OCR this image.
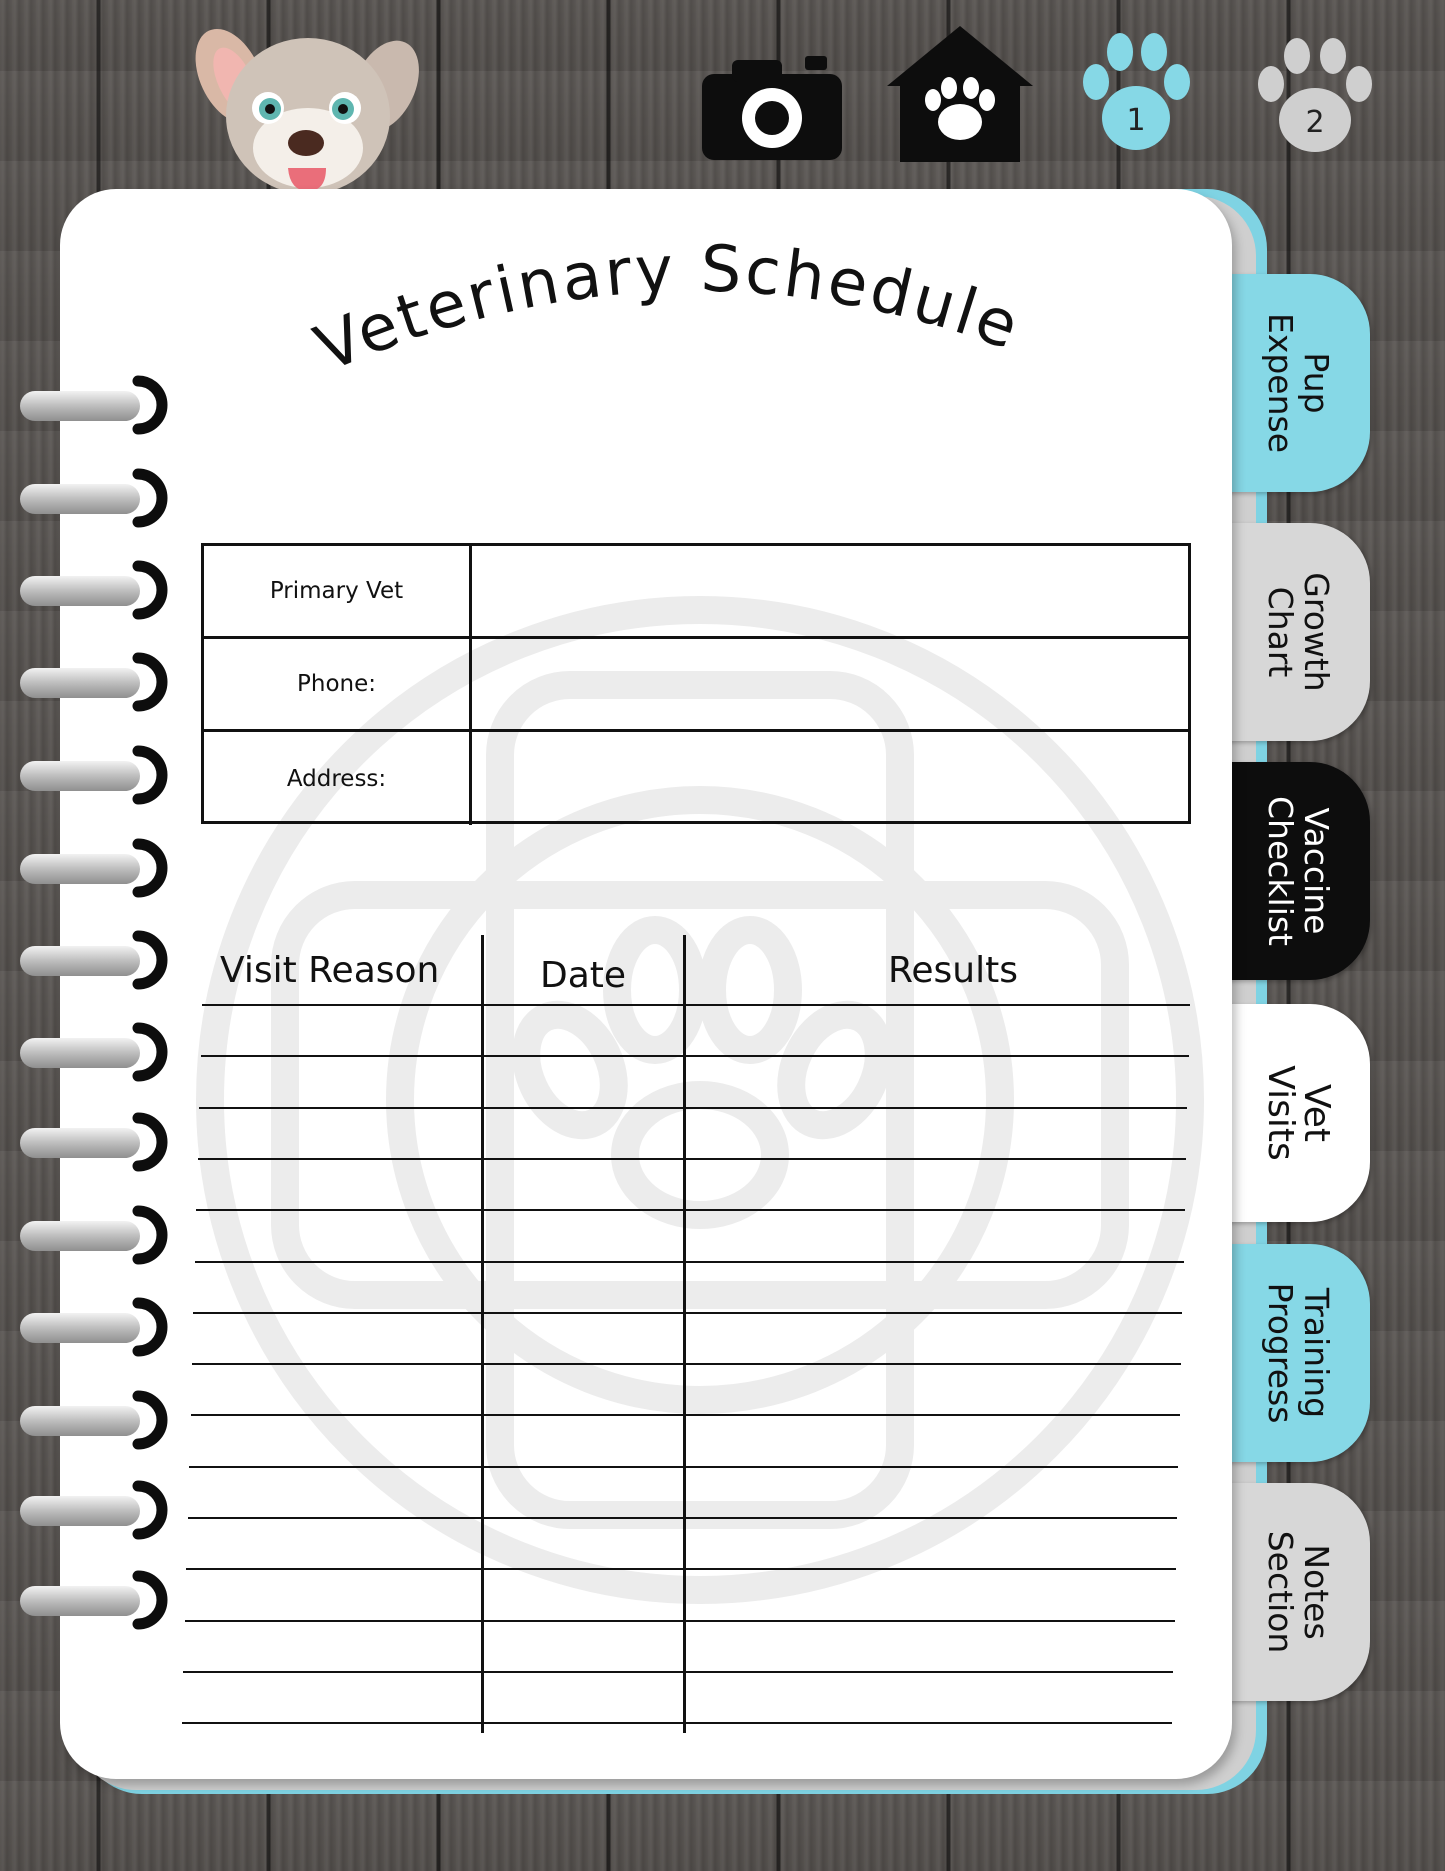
1	2
Pup
Expense
Growth
Chart
Vaccine
Checklist
Vet
Visits
Training
Progress
Notes
Section
Veterinary Schedule
Primary Vet
Phone:
Address:
Visit Reason	Date	Results
